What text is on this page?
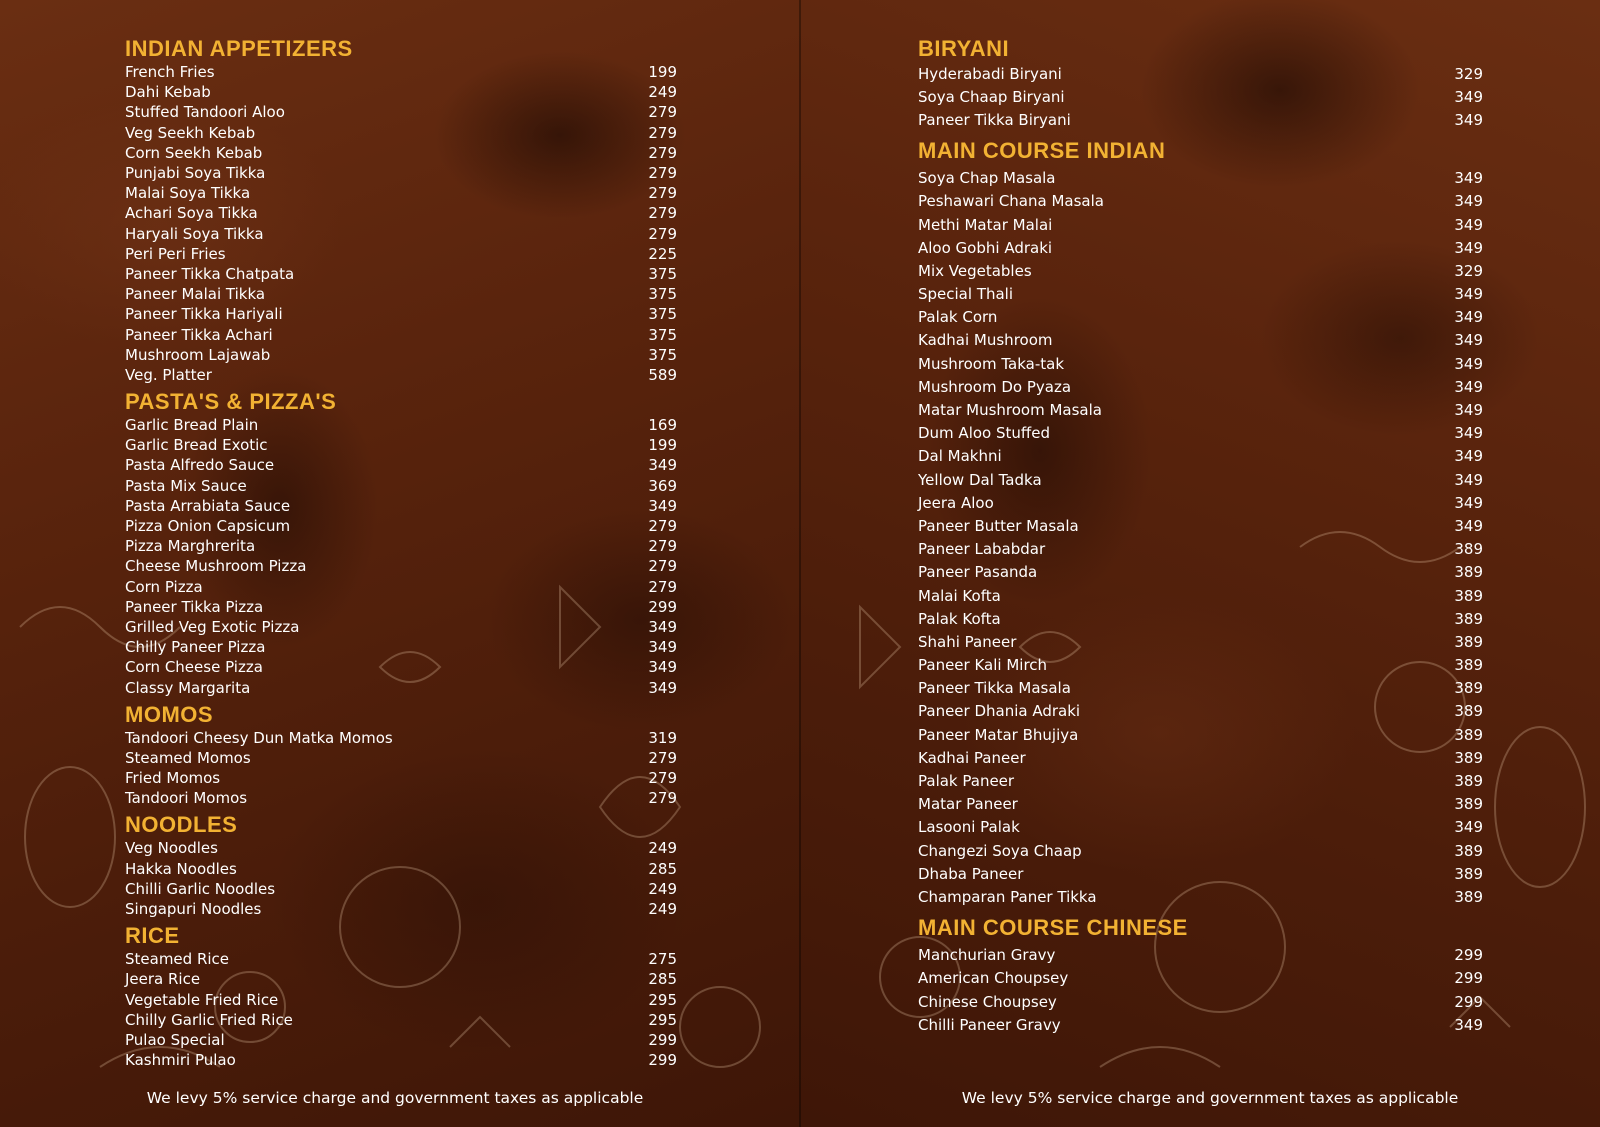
INDIAN APPETIZERS
French Fries	199
Dahi Kebab	249
Stuffed Tandoori Aloo	279
Veg Seekh Kebab	279
Corn Seekh Kebab	279
Punjabi Soya Tikka	279
Malai Soya Tikka	279
Achari Soya Tikka	279
Haryali Soya Tikka	279
Peri Peri Fries	225
Paneer Tikka Chatpata	375
Paneer Malai Tikka	375
Paneer Tikka Hariyali	375
Paneer Tikka Achari	375
Mushroom Lajawab	375
Veg. Platter	589
PASTA'S & PIZZA'S
Garlic Bread Plain	169
Garlic Bread Exotic	199
Pasta Alfredo Sauce	349
Pasta Mix Sauce	369
Pasta Arrabiata Sauce	349
Pizza Onion Capsicum	279
Pizza Marghrerita	279
Cheese Mushroom Pizza	279
Corn Pizza	279
Paneer Tikka Pizza	299
Grilled Veg Exotic Pizza	349
Chilly Paneer Pizza	349
Corn Cheese Pizza	349
Classy Margarita	349
MOMOS
Tandoori Cheesy Dun Matka Momos	319
Steamed Momos	279
Fried Momos	279
Tandoori Momos	279
NOODLES
Veg Noodles	249
Hakka Noodles	285
Chilli Garlic Noodles	249
Singapuri Noodles	249
RICE
Steamed Rice	275
Jeera Rice	285
Vegetable Fried Rice	295
Chilly Garlic Fried Rice	295
Pulao Special	299
Kashmiri Pulao	299
We levy 5% service charge and government taxes as applicable
BIRYANI
Hyderabadi Biryani	329
Soya Chaap Biryani	349
Paneer Tikka Biryani	349
MAIN COURSE INDIAN
Soya Chap Masala	349
Peshawari Chana Masala	349
Methi Matar Malai	349
Aloo Gobhi Adraki	349
Mix Vegetables	329
Special Thali	349
Palak Corn	349
Kadhai Mushroom	349
Mushroom Taka-tak	349
Mushroom Do Pyaza	349
Matar Mushroom Masala	349
Dum Aloo Stuffed	349
Dal Makhni	349
Yellow Dal Tadka	349
Jeera Aloo	349
Paneer Butter Masala	349
Paneer Lababdar	389
Paneer Pasanda	389
Malai Kofta	389
Palak Kofta	389
Shahi Paneer	389
Paneer Kali Mirch	389
Paneer Tikka Masala	389
Paneer Dhania Adraki	389
Paneer Matar Bhujiya	389
Kadhai Paneer	389
Palak Paneer	389
Matar Paneer	389
Lasooni Palak	349
Changezi Soya Chaap	389
Dhaba Paneer	389
Champaran Paner Tikka	389
MAIN COURSE CHINESE
Manchurian Gravy	299
American Choupsey	299
Chinese Choupsey	299
Chilli Paneer Gravy	349
We levy 5% service charge and government taxes as applicable
